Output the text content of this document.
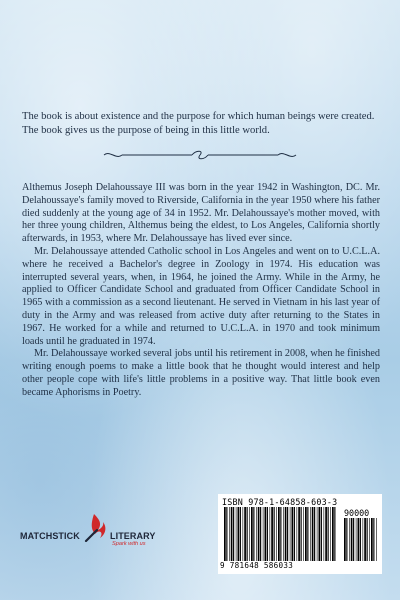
The book is about existence and the purpose for which human beings were created. The book gives us the purpose of being in this little world.

Althemus Joseph Delahoussaye III was born in the year 1942 in Washington, DC. Mr. Delahoussaye's family moved to Riverside, California in the year 1950 where his father died suddenly at the young age of 34 in 1952. Mr. Delahoussaye's mother moved, with her three young children, Althemus being the eldest, to Los Angeles, California shortly afterwards, in 1953, where Mr. Delahoussaye has lived ever since.

Mr. Delahoussaye attended Catholic school in Los Angeles and went on to U.C.L.A. where he received a Bachelor's degree in Zoology in 1974. His education was interrupted several years, when, in 1964, he joined the Army. While in the Army, he applied to Officer Candidate School and graduated from Officer Candidate School in 1965 with a commission as a second lieutenant. He served in Vietnam in his last year of duty in the Army and was released from active duty after returning to the States in 1967. He worked for a while and returned to U.C.L.A. in 1970 and took minimum loads until he graduated in 1974.

Mr. Delahoussaye worked several jobs until his retirement in 2008, when he finished writing enough poems to make a little book that he thought would interest and help other people cope with life's little problems in a positive way. That little book even became Aphorisms in Poetry.

MATCHSTICK	LITERARY
Spark with us
ISBN 978-1-64858-603-3
90000
9 781648 586033
